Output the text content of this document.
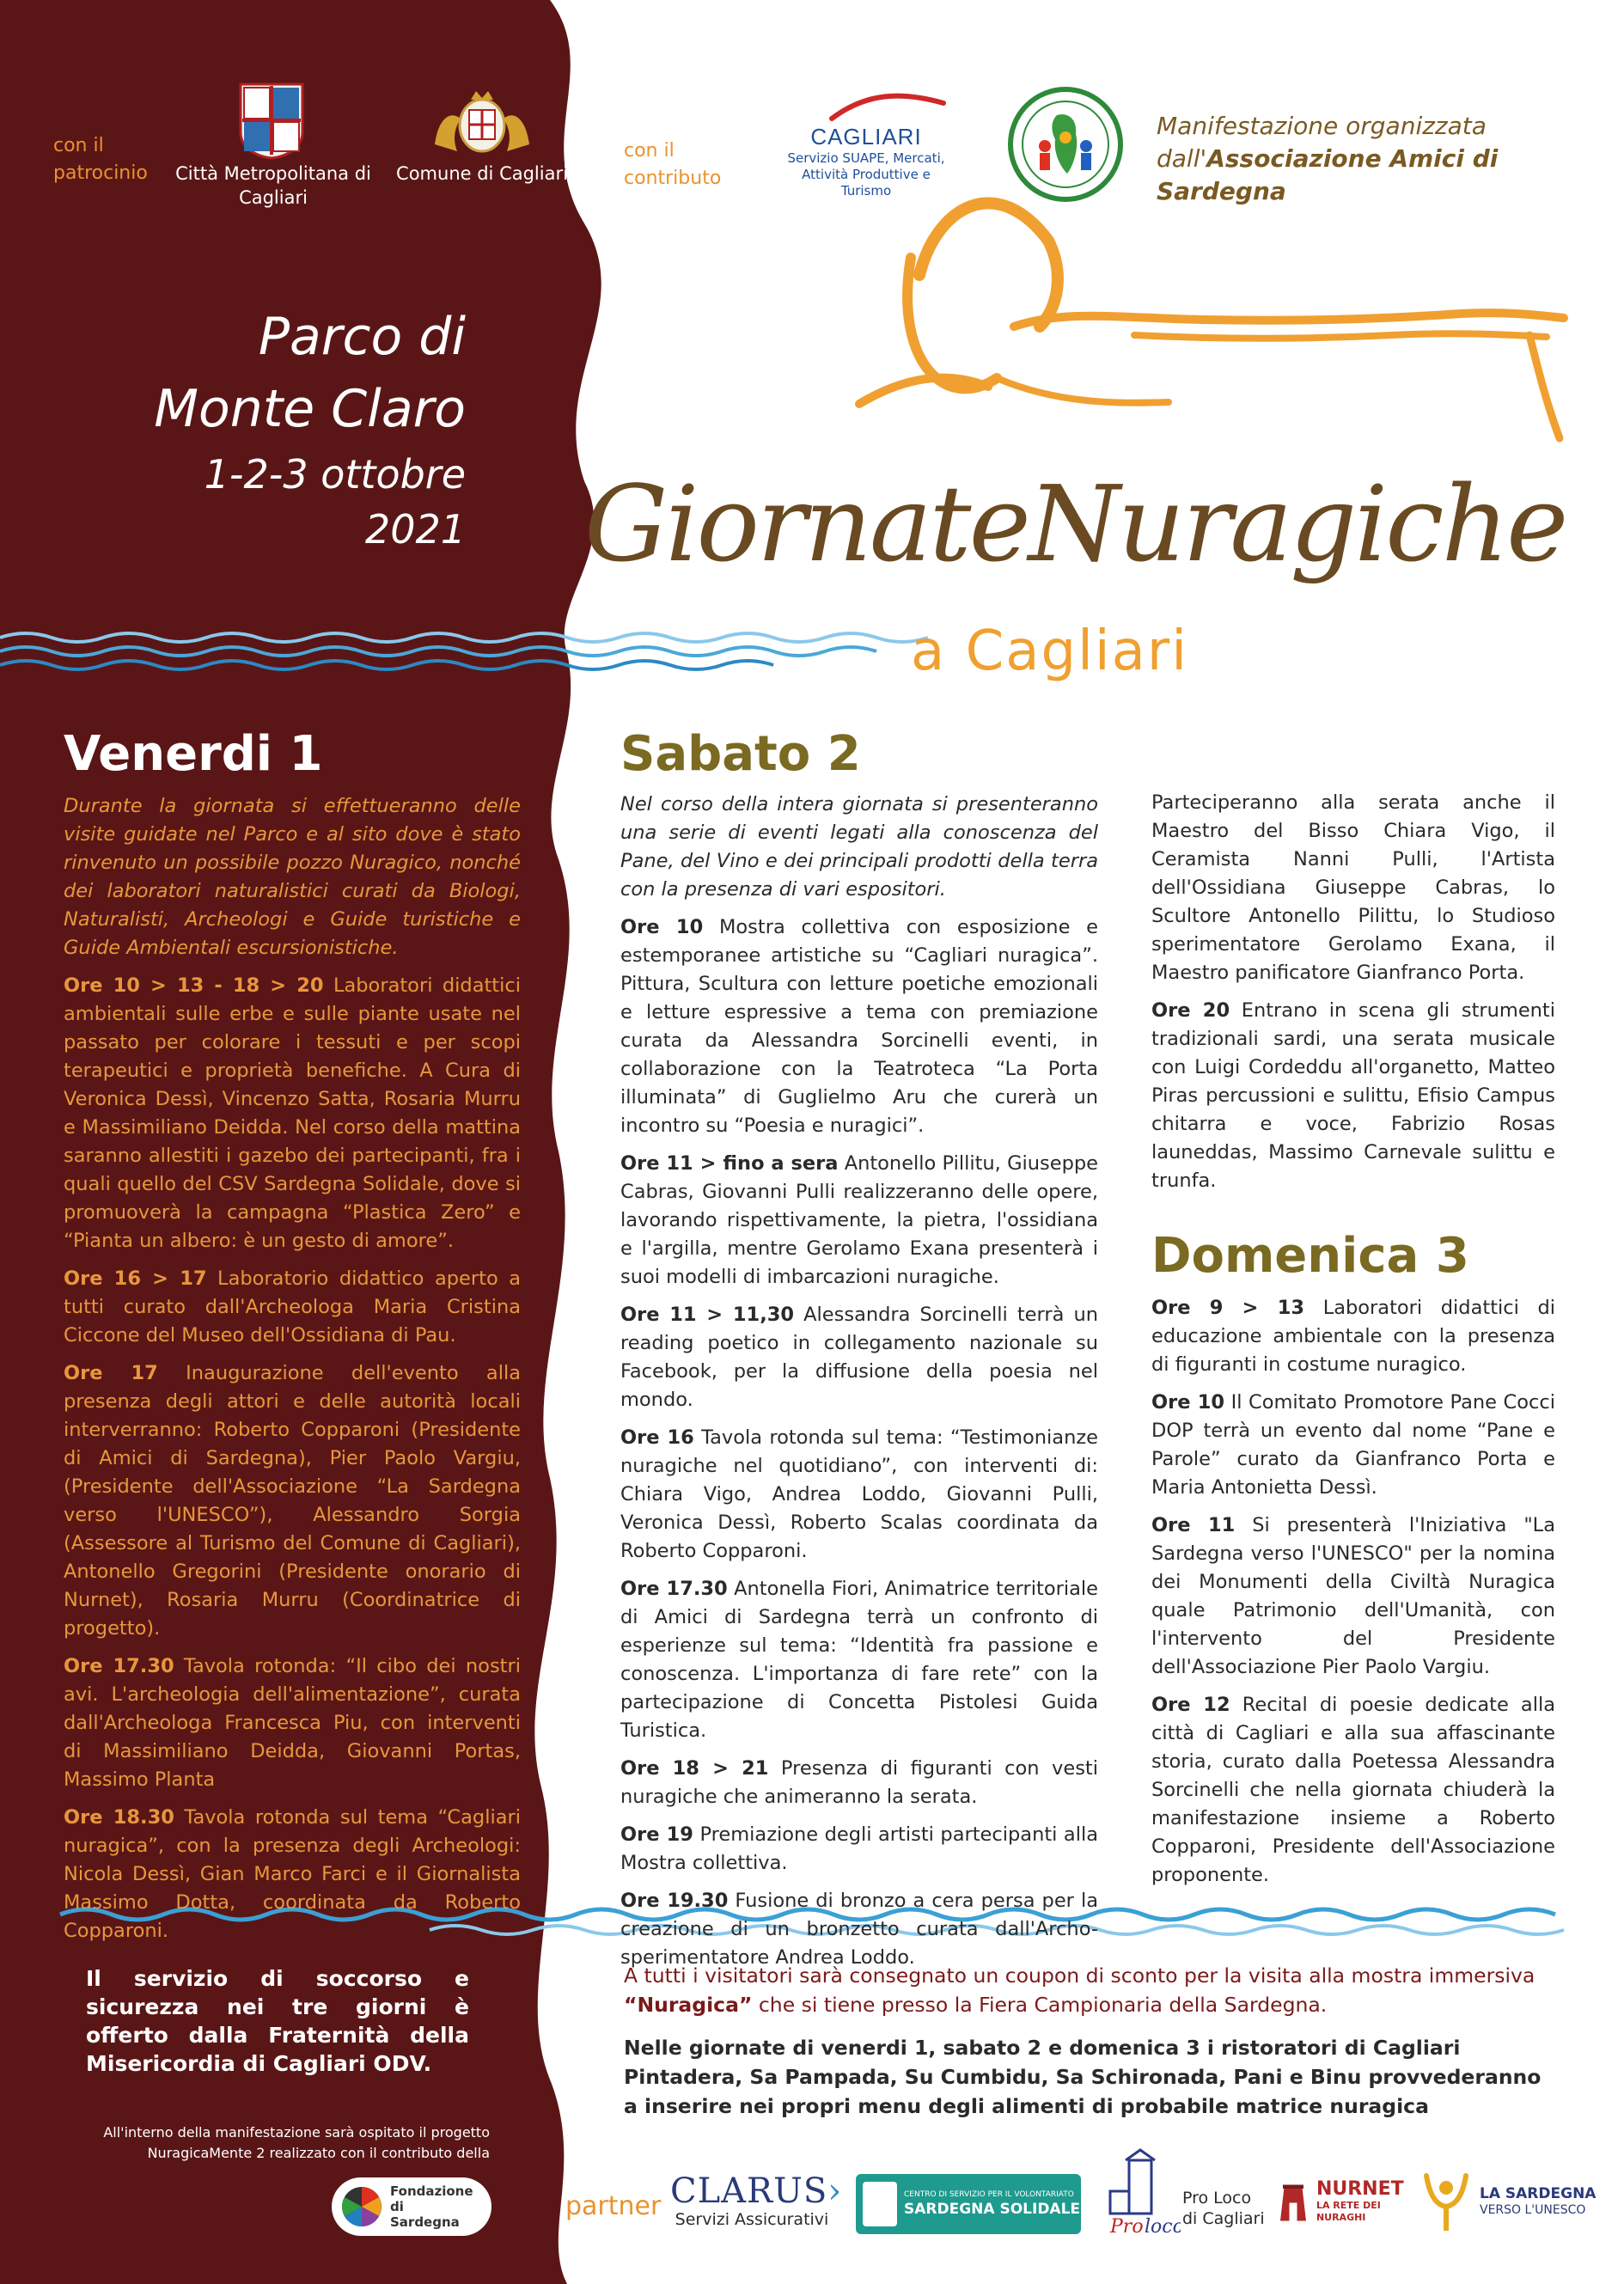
con il patrocinio	Città Metropolitana di Cagliari
Comune di Cagliari
con il contributo
CAGLIARI
Servizio SUAPE, Mercati, Attività Produttive e Turismo
Manifestazione organizzata
dall'Associazione Amici di Sardegna
Parco di
Monte Claro
1-2-3 ottobre
2021 GiornateNuragiche
a Cagliari
Venerdi 1

Durante la giornata si effettueranno delle visite guidate nel Parco e al sito dove è stato rinvenuto un possibile pozzo Nuragico, nonché dei laboratori naturalistici curati da Biologi, Naturalisti, Archeologi e Guide turistiche e Guide Ambientali escursionistiche.

Ore 10 > 13 - 18 > 20 Laboratori didattici ambientali sulle erbe e sulle piante usate nel passato per colorare i tessuti e per scopi terapeutici e proprietà benefiche. A Cura di Veronica Dessì, Vincenzo Satta, Rosaria Murru e Massimiliano Deidda. Nel corso della mattina saranno allestiti i gazebo dei partecipanti, fra i quali quello del CSV Sardegna Solidale, dove si promuoverà la campagna “Plastica Zero” e “Pianta un albero: è un gesto di amore”.

Ore 16 > 17 Laboratorio didattico aperto a tutti curato dall'Archeologa Maria Cristina Ciccone del Museo dell'Ossidiana di Pau.

Ore 17 Inaugurazione dell'evento alla presenza degli attori e delle autorità locali interverranno: Roberto Copparoni (Presidente di Amici di Sardegna), Pier Paolo Vargiu, (Presidente dell'Associazione “La Sardegna verso l'UNESCO”), Alessandro Sorgia (Assessore al Turismo del Comune di Cagliari), Antonello Gregorini (Presidente onorario di Nurnet), Rosaria Murru (Coordinatrice di progetto).

Ore 17.30 Tavola rotonda: “Il cibo dei nostri avi. L'archeologia dell'alimentazione”, curata dall'Archeologa Francesca Piu, con interventi di Massimiliano Deidda, Giovanni Portas, Massimo Planta

Ore 18.30 Tavola rotonda sul tema “Cagliari nuragica”, con la presenza degli Archeologi: Nicola Dessì, Gian Marco Farci e il Giornalista Massimo Dotta, coordinata da Roberto Copparoni.

Sabato 2

Nel corso della intera giornata si presenteranno una serie di eventi legati alla conoscenza del Pane, del Vino e dei principali prodotti della terra con la presenza di vari espositori.

Ore 10 Mostra collettiva con esposizione e estemporanee artistiche su “Cagliari nuragica”. Pittura, Scultura con letture poetiche emozionali e letture espressive a tema con premiazione curata da Alessandra Sorcinelli eventi, in collaborazione con la Teatroteca “La Porta illuminata” di Guglielmo Aru che curerà un incontro su “Poesia e nuragici”.

Ore 11 > fino a sera Antonello Pillitu, Giuseppe Cabras, Giovanni Pulli realizzeranno delle opere, lavorando rispettivamente, la pietra, l'ossidiana e l'argilla, mentre Gerolamo Exana presenterà i suoi modelli di imbarcazioni nuragiche.

Ore 11 > 11,30 Alessandra Sorcinelli terrà un reading poetico in collegamento nazionale su Facebook, per la diffusione della poesia nel mondo.

Ore 16 Tavola rotonda sul tema: “Testimonianze nuragiche nel quotidiano”, con interventi di: Chiara Vigo, Andrea Loddo, Giovanni Pulli, Veronica Dessì, Roberto Scalas coordinata da Roberto Copparoni.

Ore 17.30 Antonella Fiori, Animatrice territoriale di Amici di Sardegna terrà un confronto di esperienze sul tema: “Identità fra passione e conoscenza. L'importanza di fare rete” con la partecipazione di Concetta Pistolesi Guida Turistica.

Ore 18 > 21 Presenza di figuranti con vesti nuragiche che animeranno la serata.

Ore 19 Premiazione degli artisti partecipanti alla Mostra collettiva.

Ore 19.30 Fusione di bronzo a cera persa per la creazione di un bronzetto curata dall'Archo-sperimentatore Andrea Loddo.

Parteciperanno alla serata anche il Maestro del Bisso Chiara Vigo, il Ceramista Nanni Pulli, l'Artista dell'Ossidiana Giuseppe Cabras, lo Scultore Antonello Pilittu, lo Studioso sperimentatore Gerolamo Exana, il Maestro panificatore Gianfranco Porta.

Ore 20 Entrano in scena gli strumenti tradizionali sardi, una serata musicale con Luigi Cordeddu all'organetto, Matteo Piras percussioni e sulittu, Efisio Campus chitarra e voce, Fabrizio Rosas launeddas, Massimo Carnevale sulittu e trunfa.

Domenica 3

Ore 9 > 13 Laboratori didattici di educazione ambientale con la presenza di figuranti in costume nuragico.

Ore 10 Il Comitato Promotore Pane Cocci DOP terrà un evento dal nome “Pane e Parole” curato da Gianfranco Porta e Maria Antonietta Dessì.

Ore 11 Si presenterà l'Iniziativa "La Sardegna verso l'UNESCO" per la nomina dei Monumenti della Civiltà Nuragica quale Patrimonio dell'Umanità, con l'intervento del Presidente dell'Associazione Pier Paolo Vargiu.

Ore 12 Recital di poesie dedicate alla città di Cagliari e alla sua affascinante storia, curato dalla Poetessa Alessandra Sorcinelli che nella giornata chiuderà la manifestazione insieme a Roberto Copparoni, Presidente dell'Associazione proponente.

Il servizio di soccorso e sicurezza nei tre giorni è offerto dalla Fraternità della Misericordia di Cagliari ODV.
All'interno della manifestazione sarà ospitato il progetto
NuragicaMente 2 realizzato con il contributo della
Fondazione di Sardegna
A tutti i visitatori sarà consegnato un coupon di sconto per la visita alla mostra immersiva “Nuragica” che si tiene presso la Fiera Campionaria della Sardegna.
Nelle giornate di venerdi 1, sabato 2 e domenica 3 i ristoratori di Cagliari Pintadera, Sa Pampada, Su Cumbidu, Sa Schironada, Pani e Binu provvederanno a inserire nei propri menu degli alimenti di probabile matrice nuragica
partner CLARUS›
Servizi Assicurativi
CENTRO DI SERVIZIO PER IL VOLONTARIATO
SARDEGNA SOLIDALE
Pro loco
Pro Loco di Cagliari
NURNET
LA RETE DEI NURAGHI
LA SARDEGNA
VERSO L'UNESCO
